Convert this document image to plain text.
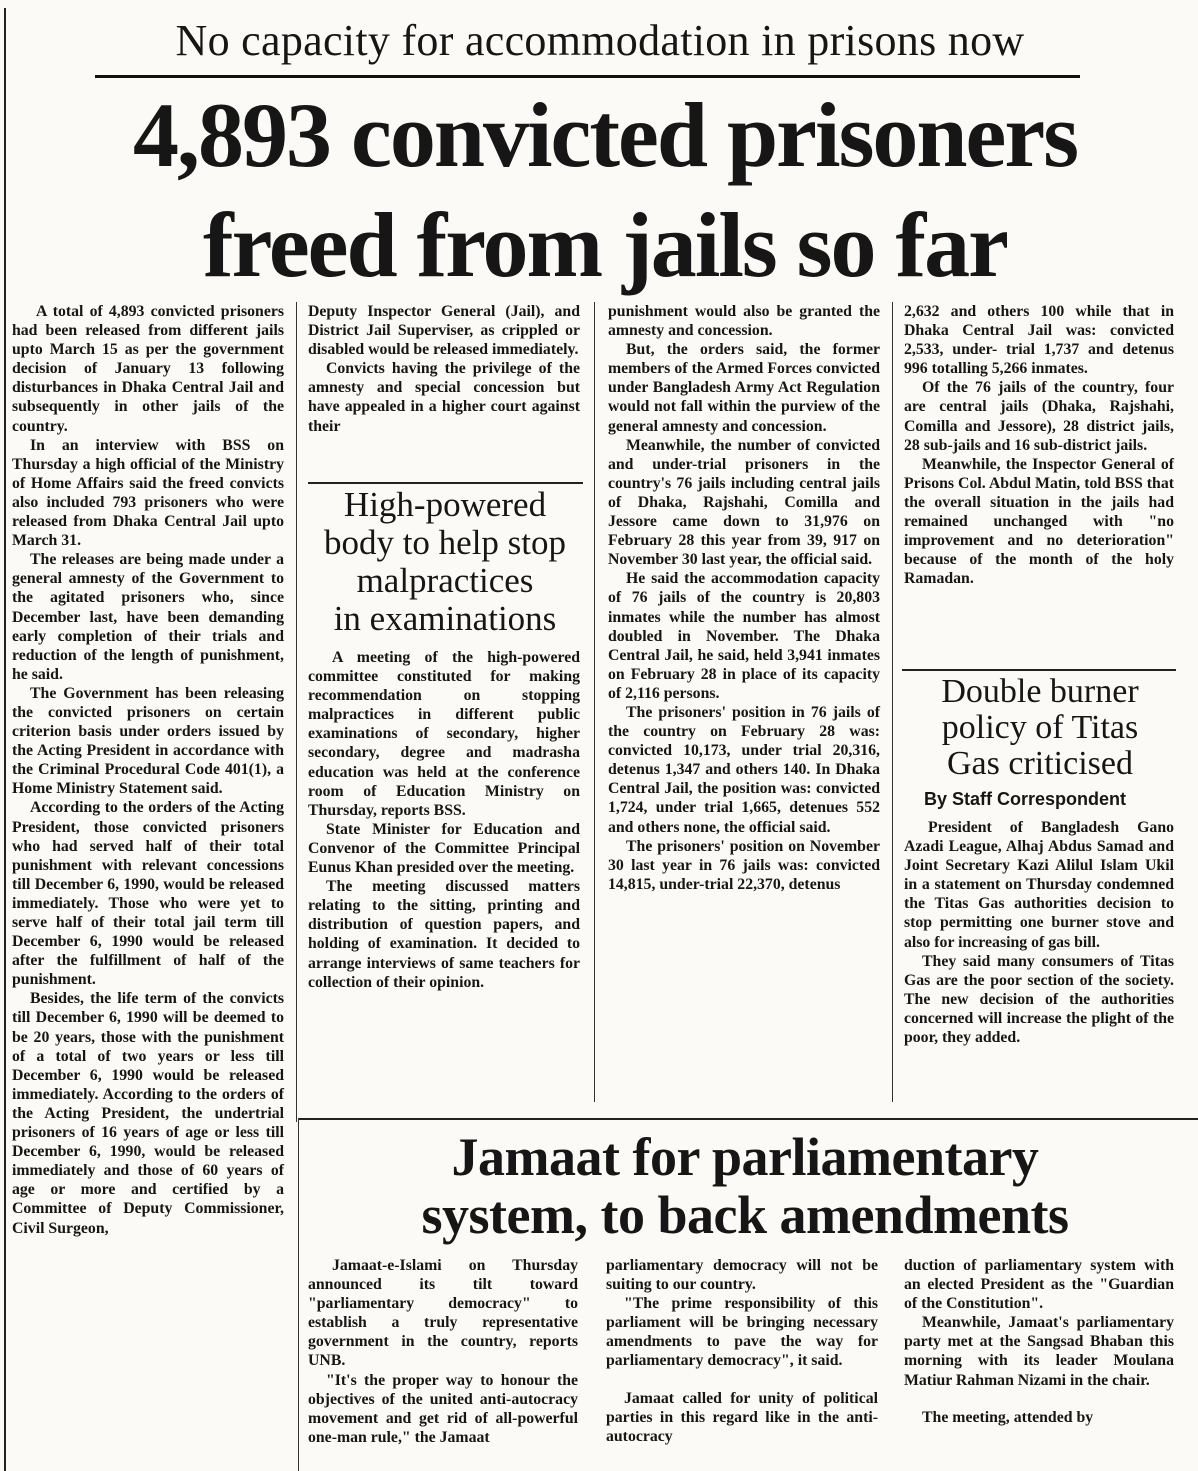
No capacity for accommodation in prisons now
4,893 convicted prisoners
freed from jails so far

A total of 4,893 convicted prisoners had been released from different jails upto March 15 as per the government decision of January 13 following disturbances in Dhaka Central Jail and subsequently in other jails of the country.

In an interview with BSS on Thursday a high official of the Ministry of Home Affairs said the freed convicts also included 793 prisoners who were released from Dhaka Central Jail upto March 31.

The releases are being made under a general amnesty of the Government to the agitated prisoners who, since December last, have been demanding early completion of their trials and reduction of the length of punishment, he said.

The Government has been releasing the convicted prisoners on certain criterion basis under orders issued by the Acting President in accordance with the Criminal Procedural Code 401(1), a Home Ministry Statement said.

According to the orders of the Acting President, those convicted prisoners who had served half of their total punishment with relevant concessions till December 6, 1990, would be released immediately. Those who were yet to serve half of their total jail term till December 6, 1990 would be released after the fulfillment of half of the punishment.

Besides, the life term of the convicts till December 6, 1990 will be deemed to be 20 years, those with the punishment of a total of two years or less till December 6, 1990 would be released immediately. According to the orders of the Acting President, the undertrial prisoners of 16 years of age or less till December 6, 1990, would be released immediately and those of 60 years of age or more and certified by a Committee of Deputy Commissioner, Civil Surgeon,

Deputy Inspector General (Jail), and District Jail Superviser, as crippled or disabled would be released immediately.

Convicts having the privilege of the amnesty and special concession but have appealed in a higher court against their

punishment would also be granted the amnesty and concession.

But, the orders said, the former members of the Armed Forces convicted under Bangladesh Army Act Regulation would not fall within the purview of the general amnesty and concession.

Meanwhile, the number of convicted and under-trial prisoners in the country's 76 jails including central jails of Dhaka, Rajshahi, Comilla and Jessore came down to 31,976 on February 28 this year from 39, 917 on November 30 last year, the official said.

He said the accommodation capacity of 76 jails of the country is 20,803 inmates while the number has almost doubled in November. The Dhaka Central Jail, he said, held 3,941 inmates on February 28 in place of its capacity of 2,116 persons.

The prisoners' position in 76 jails of the country on February 28 was: convicted 10,173, under trial 20,316, detenus 1,347 and others 140. In Dhaka Central Jail, the position was: convicted 1,724, under trial 1,665, detenues 552 and others none, the official said.

The prisoners' position on November 30 last year in 76 jails was: convicted 14,815, under-trial 22,370, detenus

2,632 and others 100 while that in Dhaka Central Jail was: convicted 2,533, under- trial 1,737 and detenus 996 totalling 5,266 inmates.

Of the 76 jails of the country, four are central jails (Dhaka, Rajshahi, Comilla and Jessore), 28 district jails, 28 sub-jails and 16 sub-district jails.

Meanwhile, the Inspector General of Prisons Col. Abdul Matin, told BSS that the overall situation in the jails had remained unchanged with "no improvement and no deterioration" because of the month of the holy Ramadan.

High-powered
body to help stop
malpractices
in examinations

A meeting of the high-powered committee constituted for making recommendation on stopping malpractices in different public examinations of secondary, higher secondary, degree and madrasha education was held at the conference room of Education Ministry on Thursday, reports BSS.

State Minister for Education and Convenor of the Committee Principal Eunus Khan presided over the meeting.

The meeting discussed matters relating to the sitting, printing and distribution of question papers, and holding of examination. It decided to arrange interviews of same teachers for collection of their opinion.

Double burner
policy of Titas
Gas criticised
By Staff Correspondent

President of Bangladesh Gano Azadi League, Alhaj Abdus Samad and Joint Secretary Kazi Alilul Islam Ukil in a statement on Thursday condemned the Titas Gas authorities decision to stop permitting one burner stove and also for increasing of gas bill.

They said many consumers of Titas Gas are the poor section of the society. The new decision of the authorities concerned will increase the plight of the poor, they added.

Jamaat for parliamentary
system, to back amendments

Jamaat-e-Islami on Thursday announced its tilt toward "parliamentary democracy" to establish a truly representative government in the country, reports UNB.

"It's the proper way to honour the objectives of the united anti-autocracy movement and get rid of all-powerful one-man rule," the Jamaat

parliamentary democracy will not be suiting to our country.

"The prime responsibility of this parliament will be bringing necessary amendments to pave the way for parliamentary democracy", it said.

Jamaat called for unity of political parties in this regard like in the anti-autocracy

duction of parliamentary system with an elected President as the "Guardian of the Constitution".

Meanwhile, Jamaat's parliamentary party met at the Sangsad Bhaban this morning with its leader Moulana Matiur Rahman Nizami in the chair.

The meeting, attended by
